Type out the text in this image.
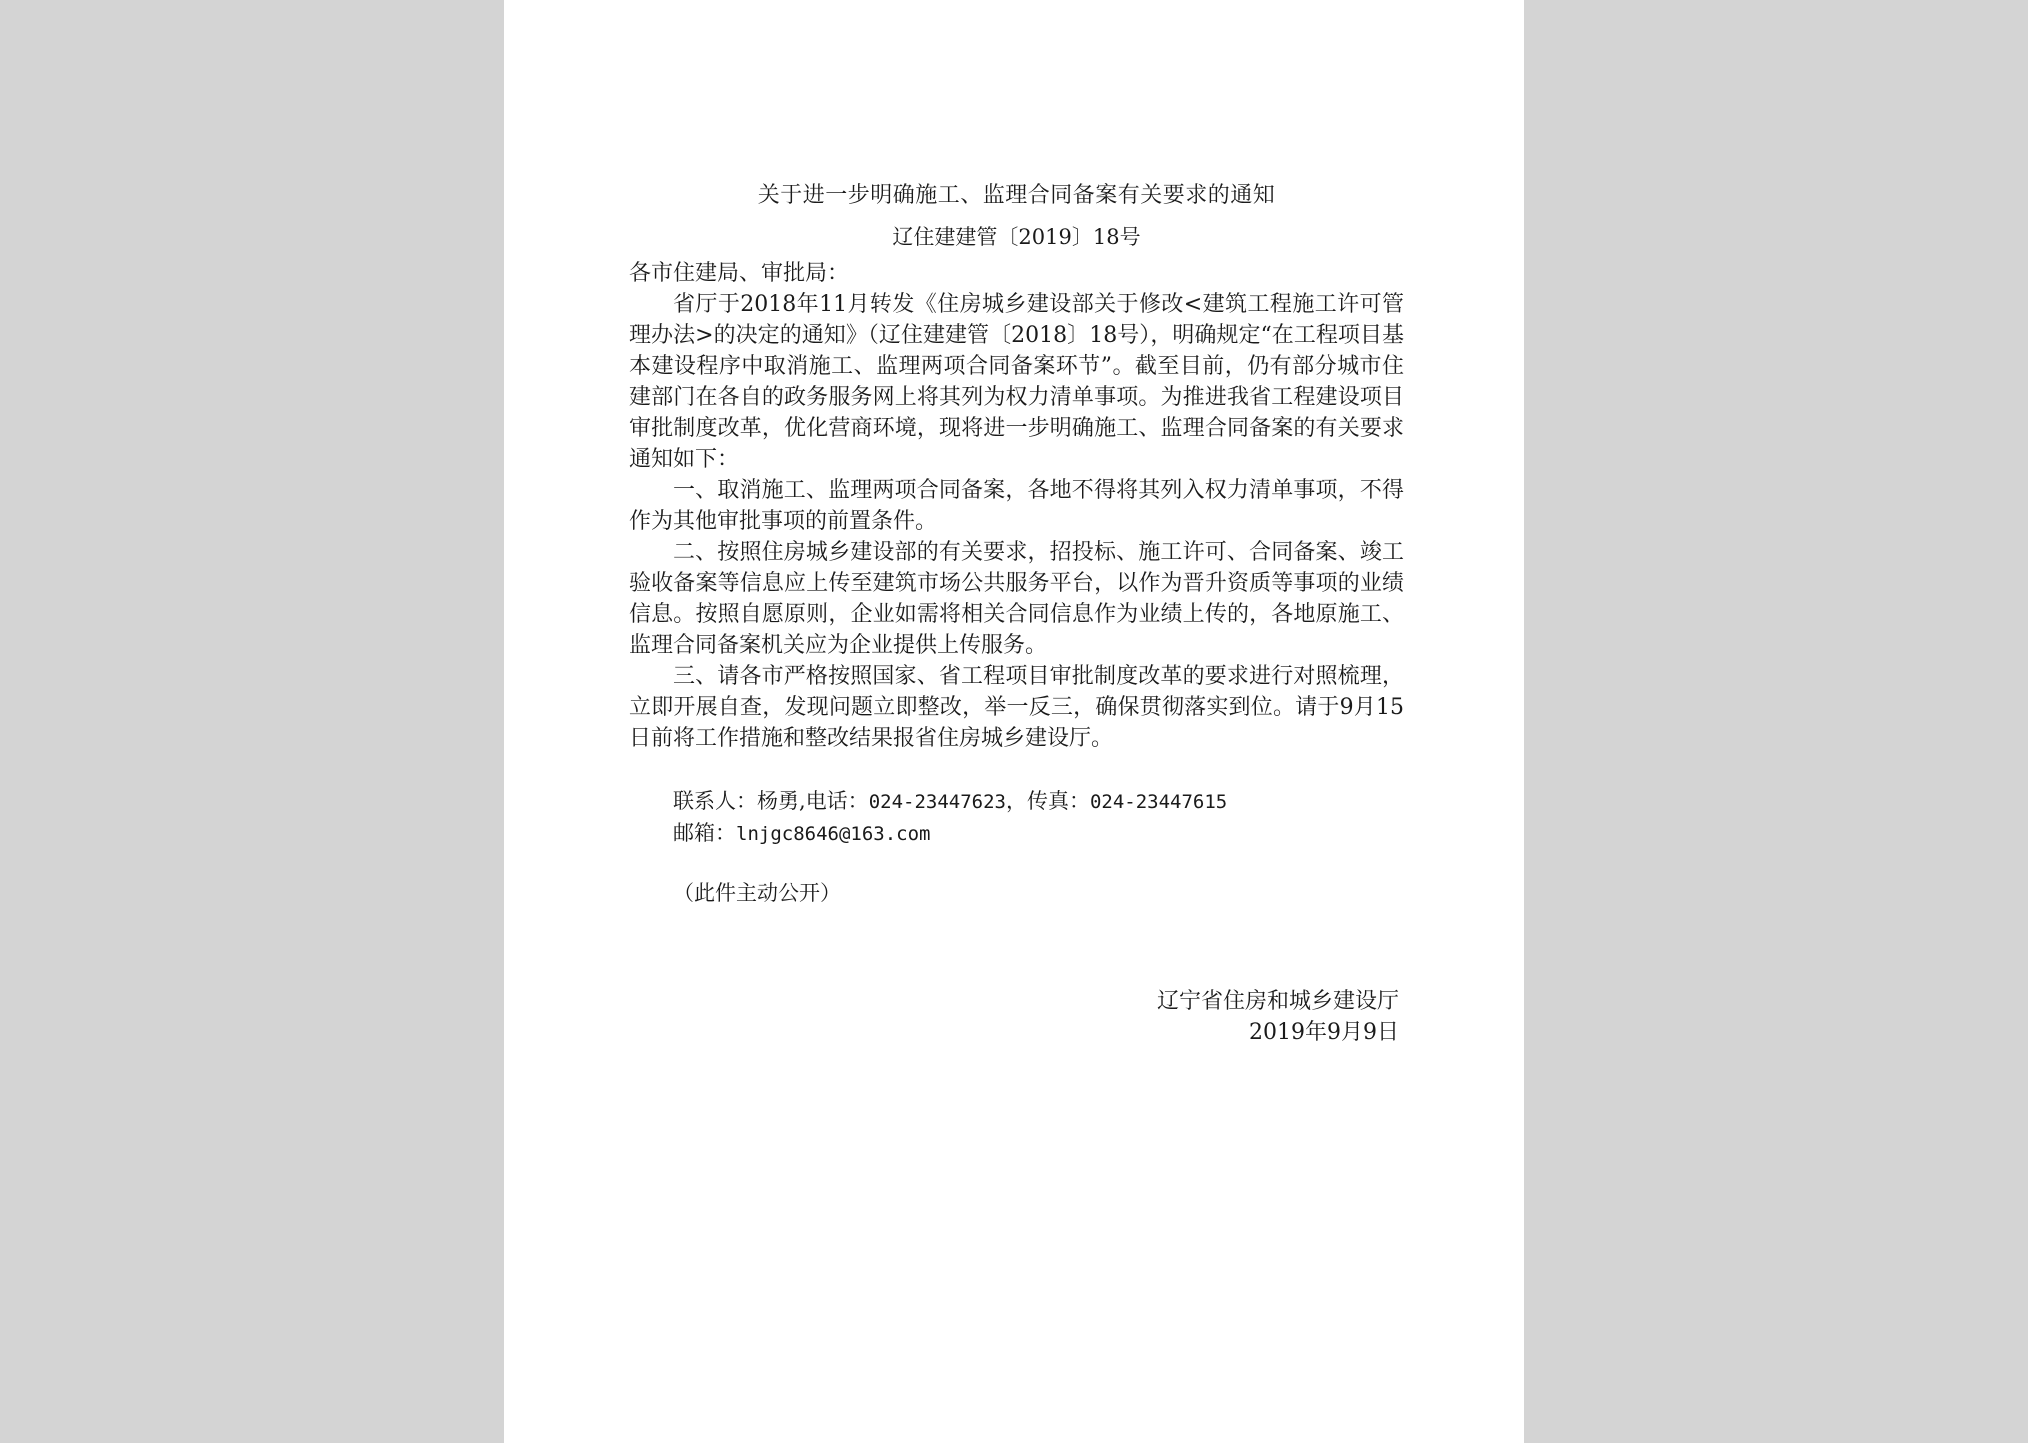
关于进一步明确施工、监理合同备案有关要求的通知

辽住建建管〔2019〕18号

各市住建局、审批局：

省厅于2018年11月转发《住房城乡建设部关于修改<建筑工程施工许可管理办法>的决定的通知》（辽住建建管〔2018〕18号），明确规定“在工程项目基本建设程序中取消施工、监理两项合同备案环节”。截至目前，仍有部分城市住建部门在各自的政务服务网上将其列为权力清单事项。为推进我省工程建设项目审批制度改革，优化营商环境，现将进一步明确施工、监理合同备案的有关要求通知如下：

一、取消施工、监理两项合同备案，各地不得将其列入权力清单事项，不得作为其他审批事项的前置条件。

二、按照住房城乡建设部的有关要求，招投标、施工许可、合同备案、竣工验收备案等信息应上传至建筑市场公共服务平台，以作为晋升资质等事项的业绩信息。按照自愿原则，企业如需将相关合同信息作为业绩上传的，各地原施工、监理合同备案机关应为企业提供上传服务。

三、请各市严格按照国家、省工程项目审批制度改革的要求进行对照梳理，立即开展自查，发现问题立即整改，举一反三，确保贯彻落实到位。请于9月15日前将工作措施和整改结果报省住房城乡建设厅。

联系人：杨勇,电话：024-23447623，传真：024-23447615

邮箱：lnjgc8646@163.com

（此件主动公开）

辽宁省住房和城乡建设厅

2019年9月9日
